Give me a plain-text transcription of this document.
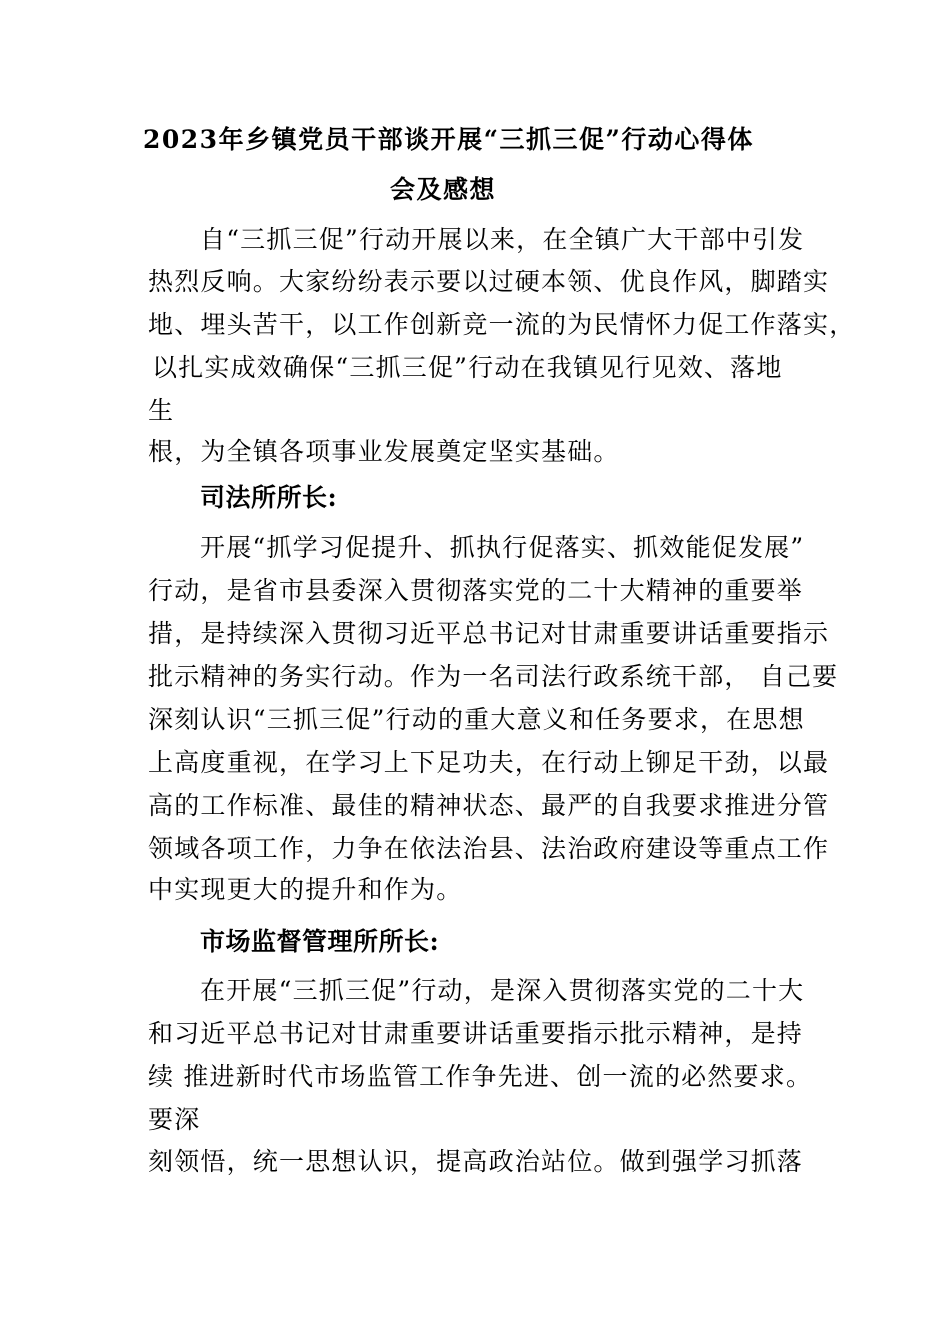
2023年乡镇党员干部谈开展“三抓三促”行动心得体
会及感想
自“三抓三促”行动开展以来，在全镇广大干部中引发
热烈反响。大家纷纷表示要以过硬本领、优良作风，脚踏实
地、埋头苦干，以工作创新竞一流的为民情怀力促工作落实，
以扎实成效确保“三抓三促”行动在我镇见行见效、落地
生
根，为全镇各项事业发展奠定坚实基础。
司法所所长:
开展“抓学习促提升、抓执行促落实、抓效能促发展”
行动，是省市县委深入贯彻落实党的二十大精神的重要举
措，是持续深入贯彻习近平总书记对甘肃重要讲话重要指示
批示精神的务实行动。作为一名司法行政系统干部， 自己要
深刻认识“三抓三促”行动的重大意义和任务要求，在思想
上高度重视，在学习上下足功夫，在行动上铆足干劲，以最
高的工作标准、最佳的精神状态、最严的自我要求推进分管
领域各项工作，力争在依法治县、法治政府建设等重点工作
中实现更大的提升和作为。
市场监督管理所所长:
在开展“三抓三促”行动，是深入贯彻落实党的二十大
和习近平总书记对甘肃重要讲话重要指示批示精神，是持
续 推进新时代市场监管工作争先进、创一流的必然要求。
要深
刻领悟，统一思想认识，提高政治站位。做到强学习抓落
